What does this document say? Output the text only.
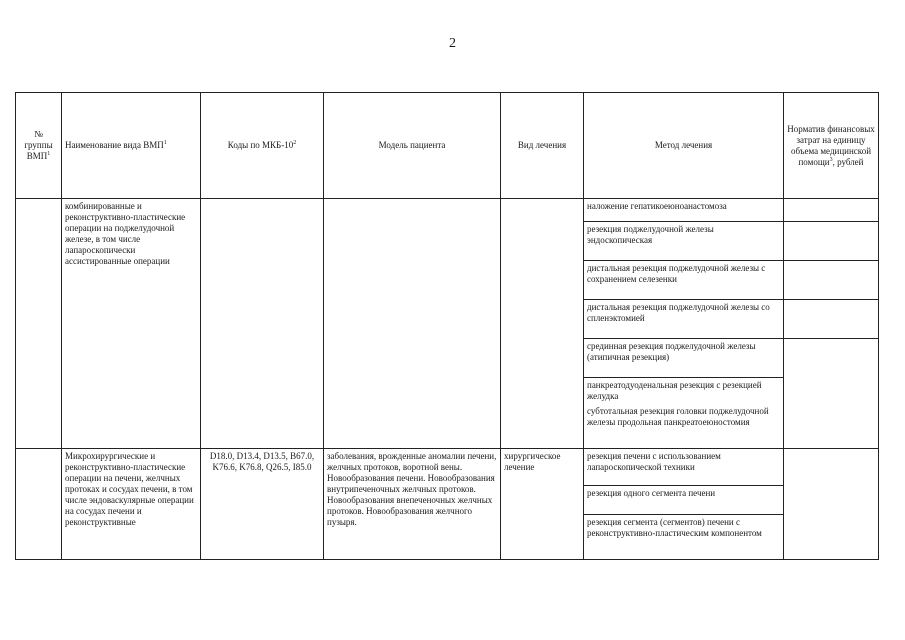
2
№ группы ВМП$^1$	Наименование вида ВМП$^1$	Коды по МКБ-$10^2$	Модель пациента	Вид лечения	Метод лечения	Норматив финансовых затрат на единицу объема медицинской помощи$^3$, рублей
	комбинированные и реконструктивно-пластические операции на поджелудочной железе, в том числе лапароскопически ассистированные операции				наложение гепатикоеюноанастомоза	
					резекция поджелудочной железы эндоскопическая	
					дистальная резекция поджелудочной железы с сохранением селезенки	
					дистальная резекция поджелудочной железы со спленэктомией	
					срединная резекция поджелудочной железы (атипичная резекция)	
					панкреатодуоденальная резекция с резекцией желудка	
					субтотальная резекция головки поджелудочной железы продольная панкреатоеюностомия	
	Микрохирургические и реконструктивно-пластические операции на печени, желчных протоках и сосудах печени, в том числе эндоваскулярные операции на сосудах печени и реконструктивные	D18.0, D13.4, D13.5, B67.0, K76.6, K76.8, Q26.5, I85.0	заболевания, врожденные аномалии печени, желчных протоков, воротной вены. Новообразования печени. Новообразования внутрипеченочных желчных протоков. Новообразования внепеченочных желчных протоков. Новообразования желчного пузыря.	хирургическое лечение	резекция печени с использованием лапароскопической техники	
					резекция одного сегмента печени	
					резекция сегмента (сегментов) печени с реконструктивно-пластическим компонентом	
